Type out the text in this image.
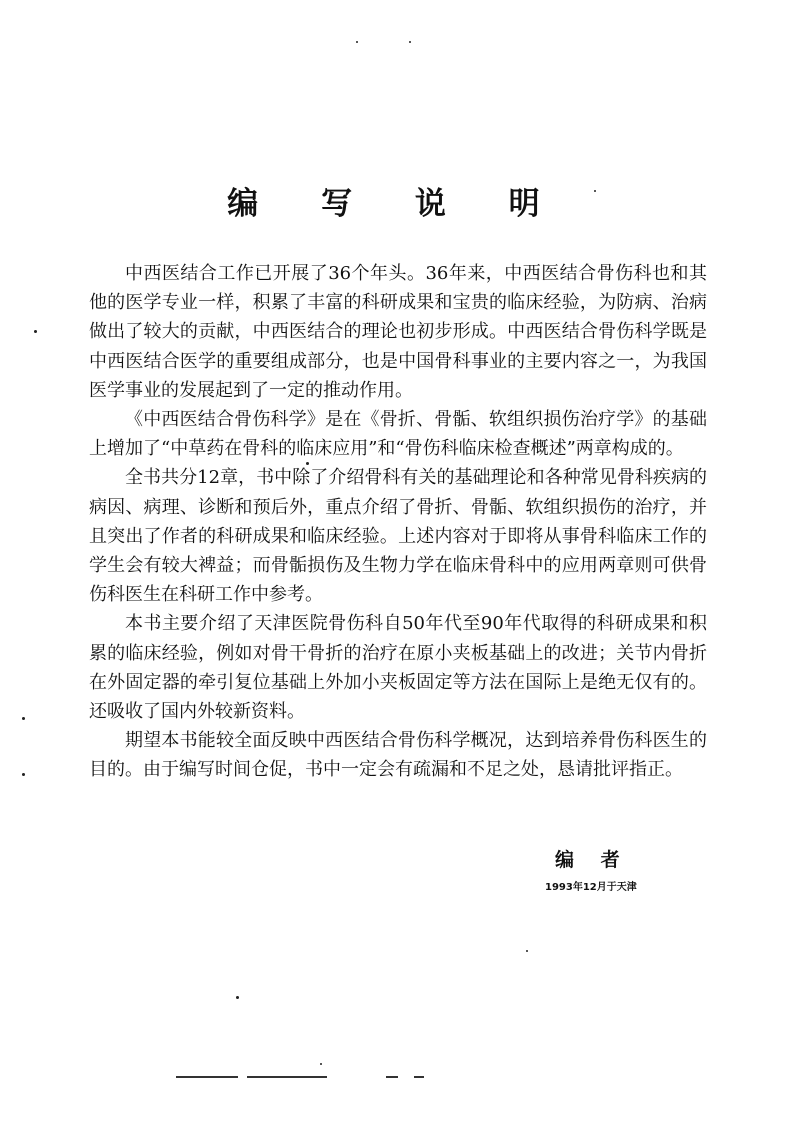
编 写 说 明

中西医结合工作已开展了36个年头。36年来，中西医结合骨伤科也和其他的医学专业一样，积累了丰富的科研成果和宝贵的临床经验，为防病、治病做出了较大的贡献，中西医结合的理论也初步形成。中西医结合骨伤科学既是中西医结合医学的重要组成部分，也是中国骨科事业的主要内容之一，为我国医学事业的发展起到了一定的推动作用。

《中西医结合骨伤科学》是在《骨折、骨骺、软组织损伤治疗学》的基础上增加了“中草药在骨科的临床应用”和“骨伤科临床检查概述”两章构成的。

全书共分12章，书中除了介绍骨科有关的基础理论和各种常见骨科疾病的病因、病理、诊断和预后外，重点介绍了骨折、骨骺、软组织损伤的治疗，并且突出了作者的科研成果和临床经验。上述内容对于即将从事骨科临床工作的学生会有较大裨益；而骨骺损伤及生物力学在临床骨科中的应用两章则可供骨伤科医生在科研工作中参考。

本书主要介绍了天津医院骨伤科自50年代至90年代取得的科研成果和积累的临床经验，例如对骨干骨折的治疗在原小夹板基础上的改进；关节内骨折在外固定器的牵引复位基础上外加小夹板固定等方法在国际上是绝无仅有的。还吸收了国内外较新资料。

期望本书能较全面反映中西医结合骨伤科学概况，达到培养骨伤科医生的目的。由于编写时间仓促，书中一定会有疏漏和不足之处，恳请批评指正。

编 者
1993年12月于天津
